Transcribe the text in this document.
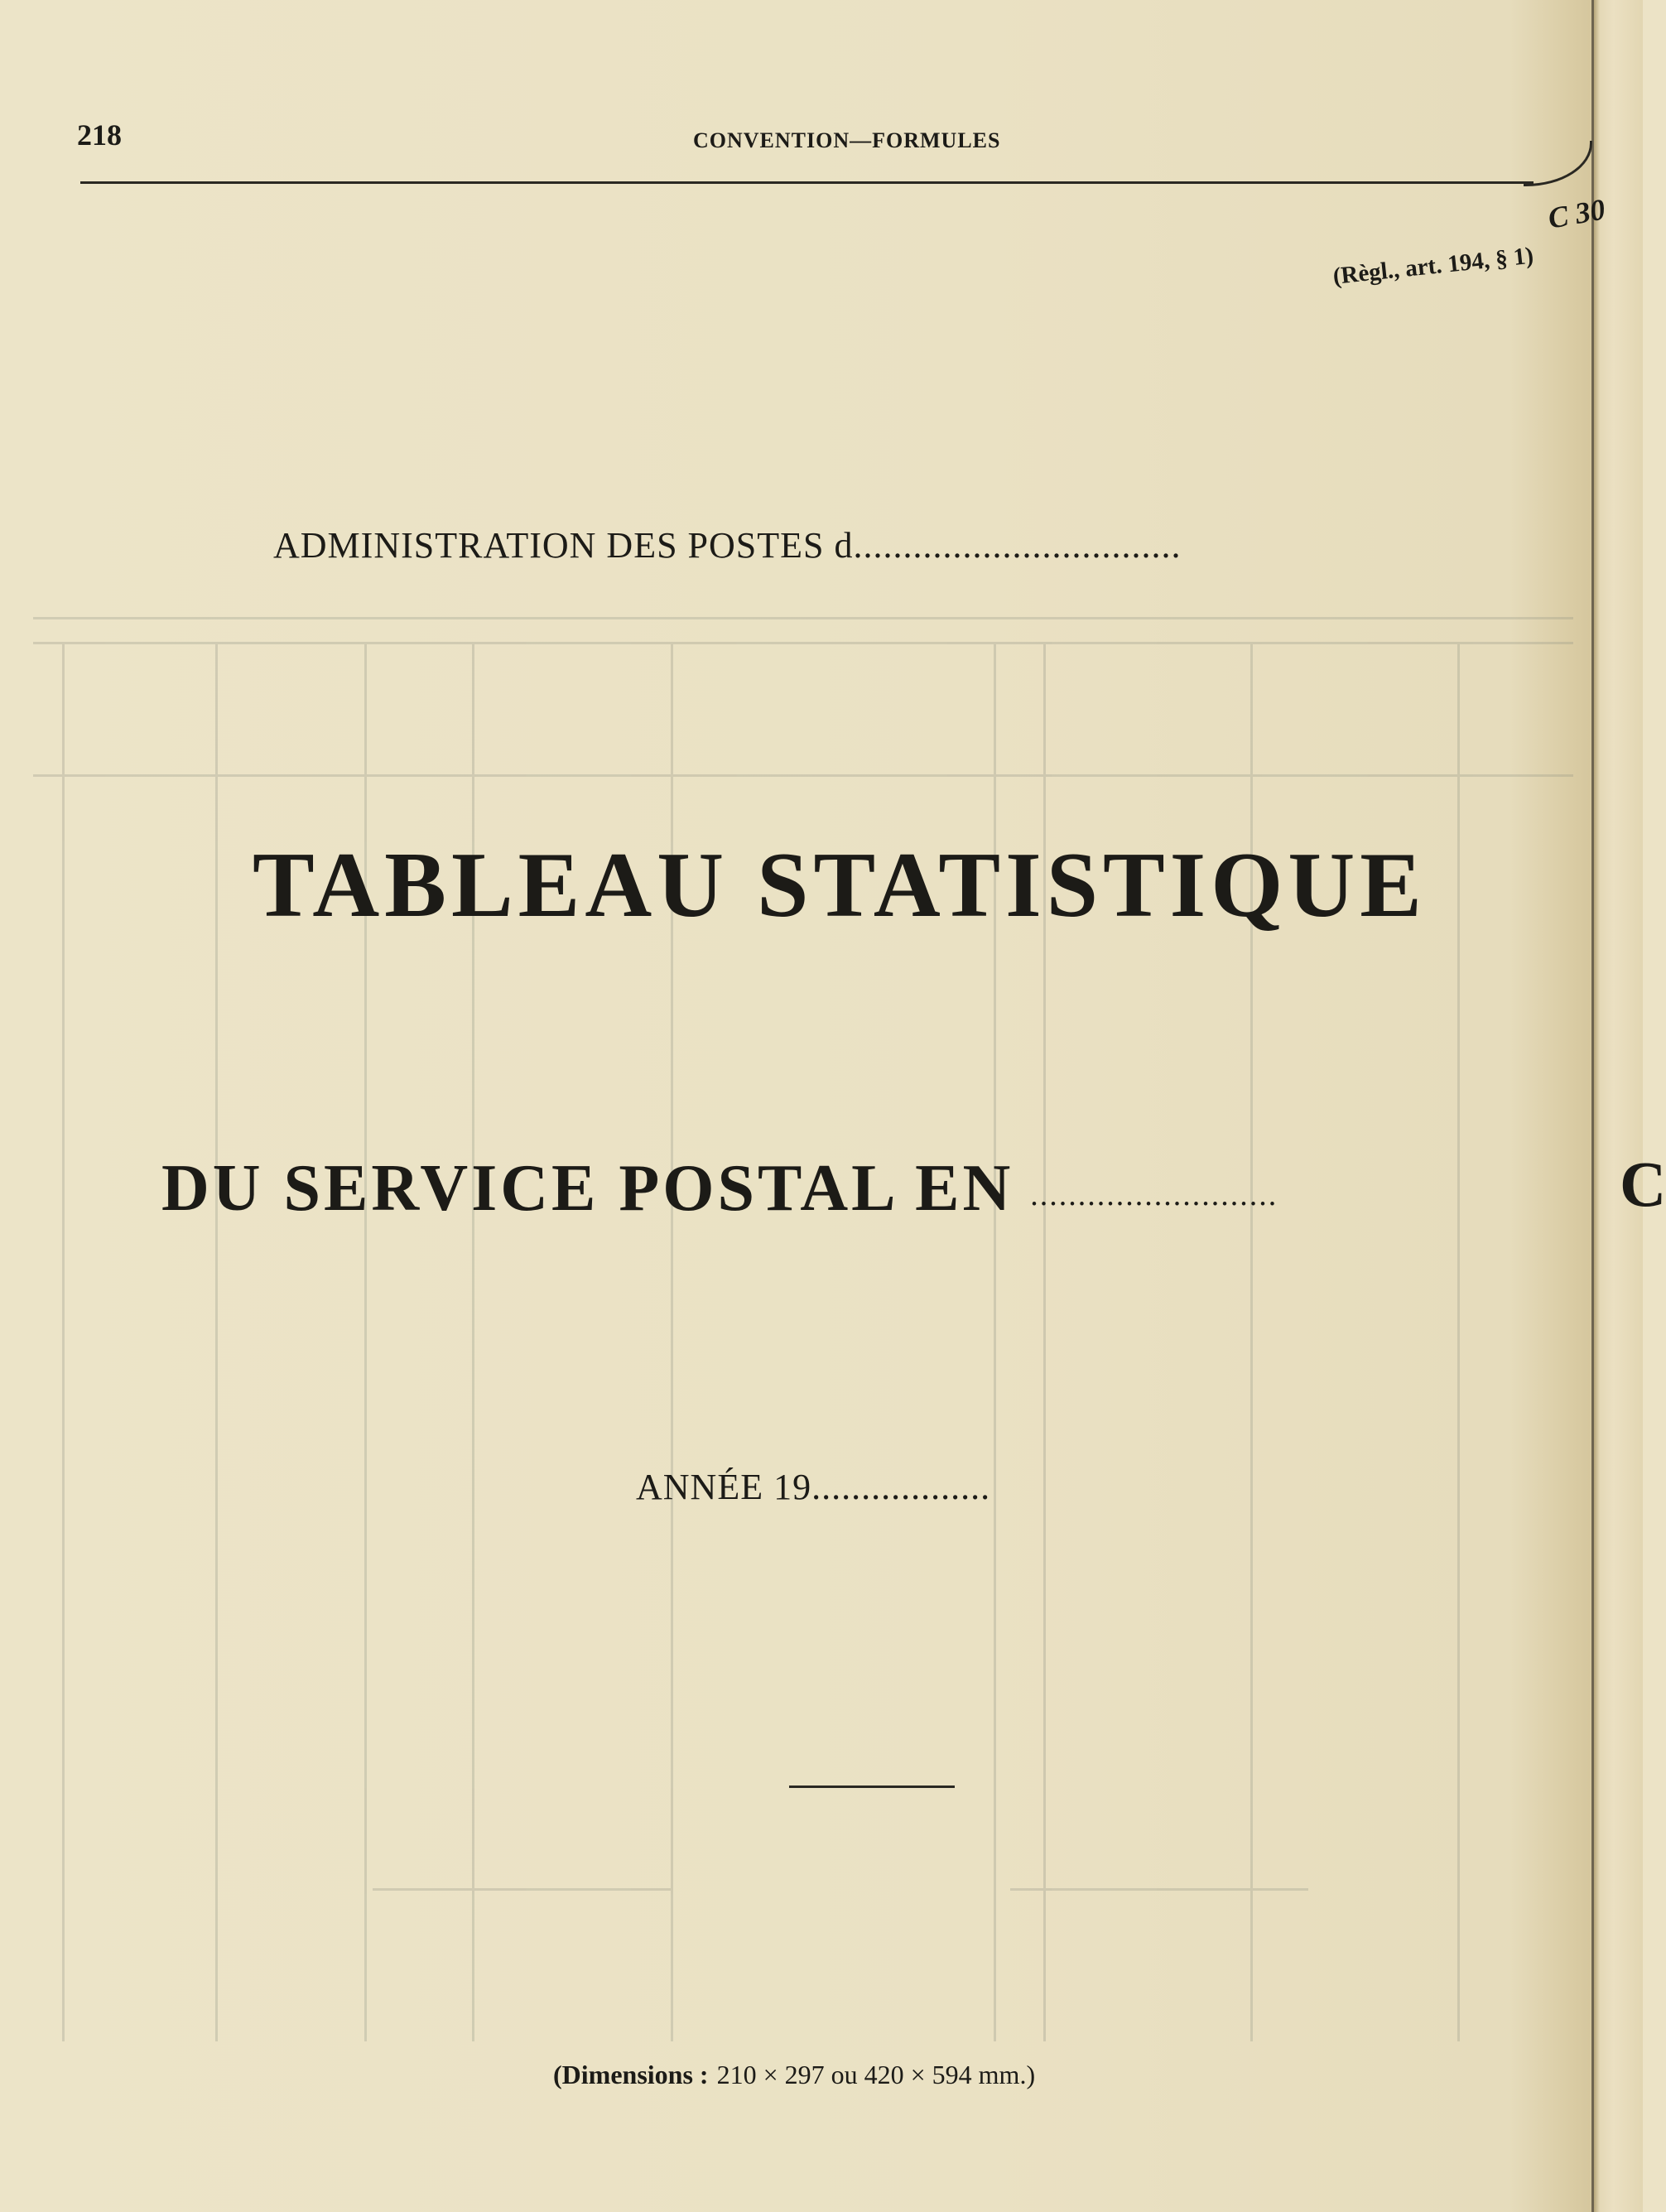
C
218	CONVENTION—FORMULES
C 30
(Règl., art. 194, § 1)
ADMINISTRATION DES POSTES d.................................
TABLEAU STATISTIQUE
DU SERVICE POSTAL EN ..........................
ANNÉE 19..................
(Dimensions : 210 × 297 ou 420 × 594 mm.)
